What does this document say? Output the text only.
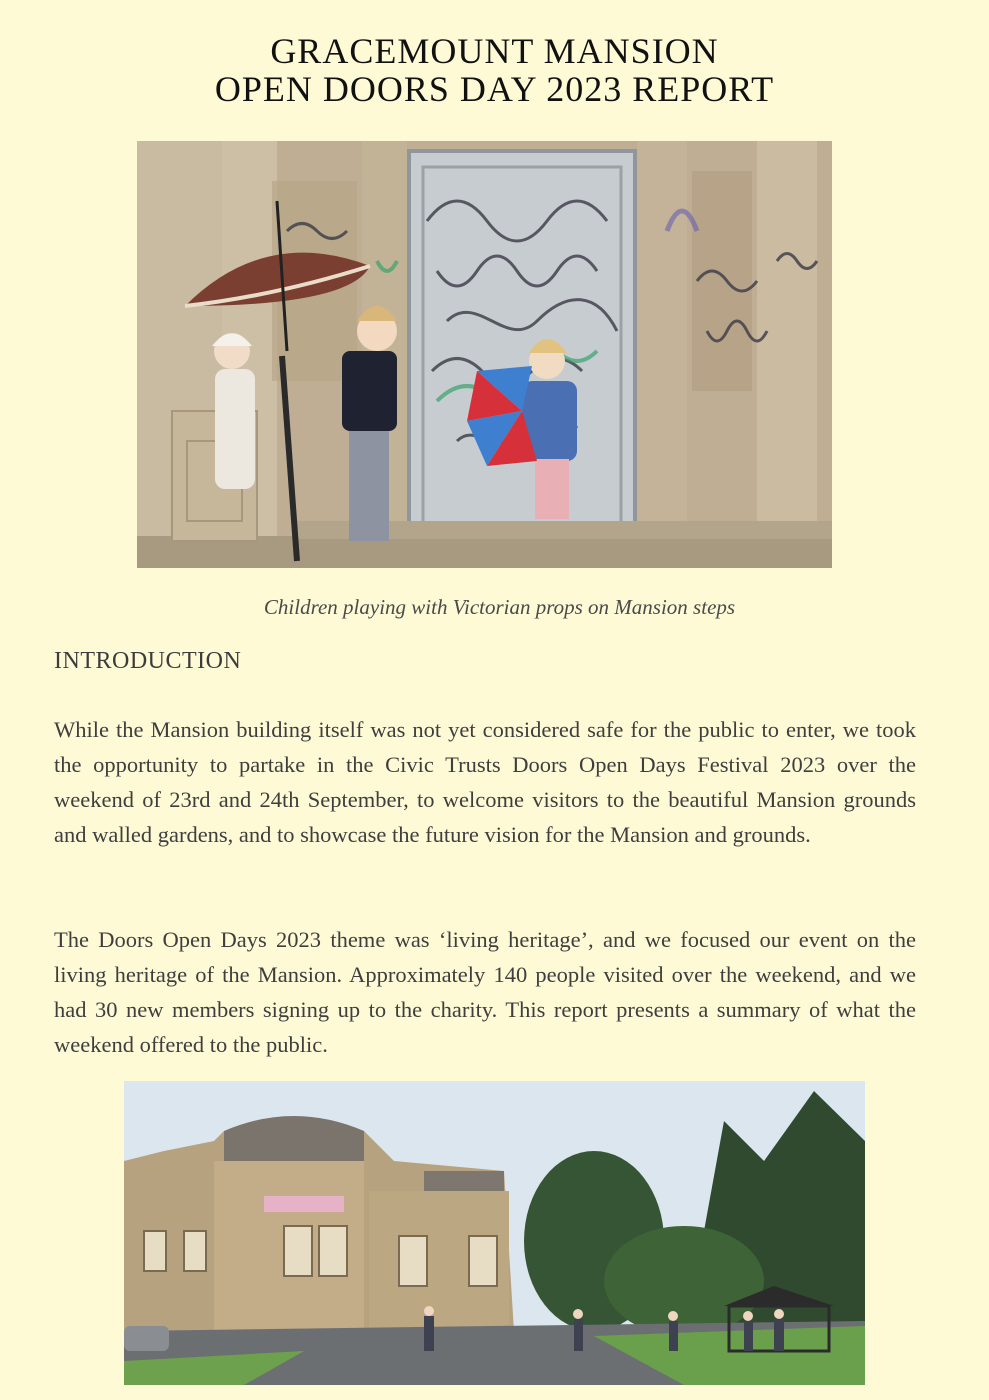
GRACEMOUNT MANSION
OPEN DOORS DAY 2023 REPORT
Children playing with Victorian props on Mansion steps
INTRODUCTION

While the Mansion building itself was not yet considered safe for the public to enter, we took the opportunity to partake in the Civic Trusts Doors Open Days Festival 2023 over the weekend of 23rd and 24th September, to welcome visitors to the beautiful Mansion grounds and walled gardens, and to showcase the future vision for the Mansion and grounds.

The Doors Open Days 2023 theme was ‘living heritage’, and we focused our event on the living heritage of the Mansion. Approximately 140 people visited over the weekend, and we had 30 new members signing up to the charity. This report presents a summary of what the weekend offered to the public.
